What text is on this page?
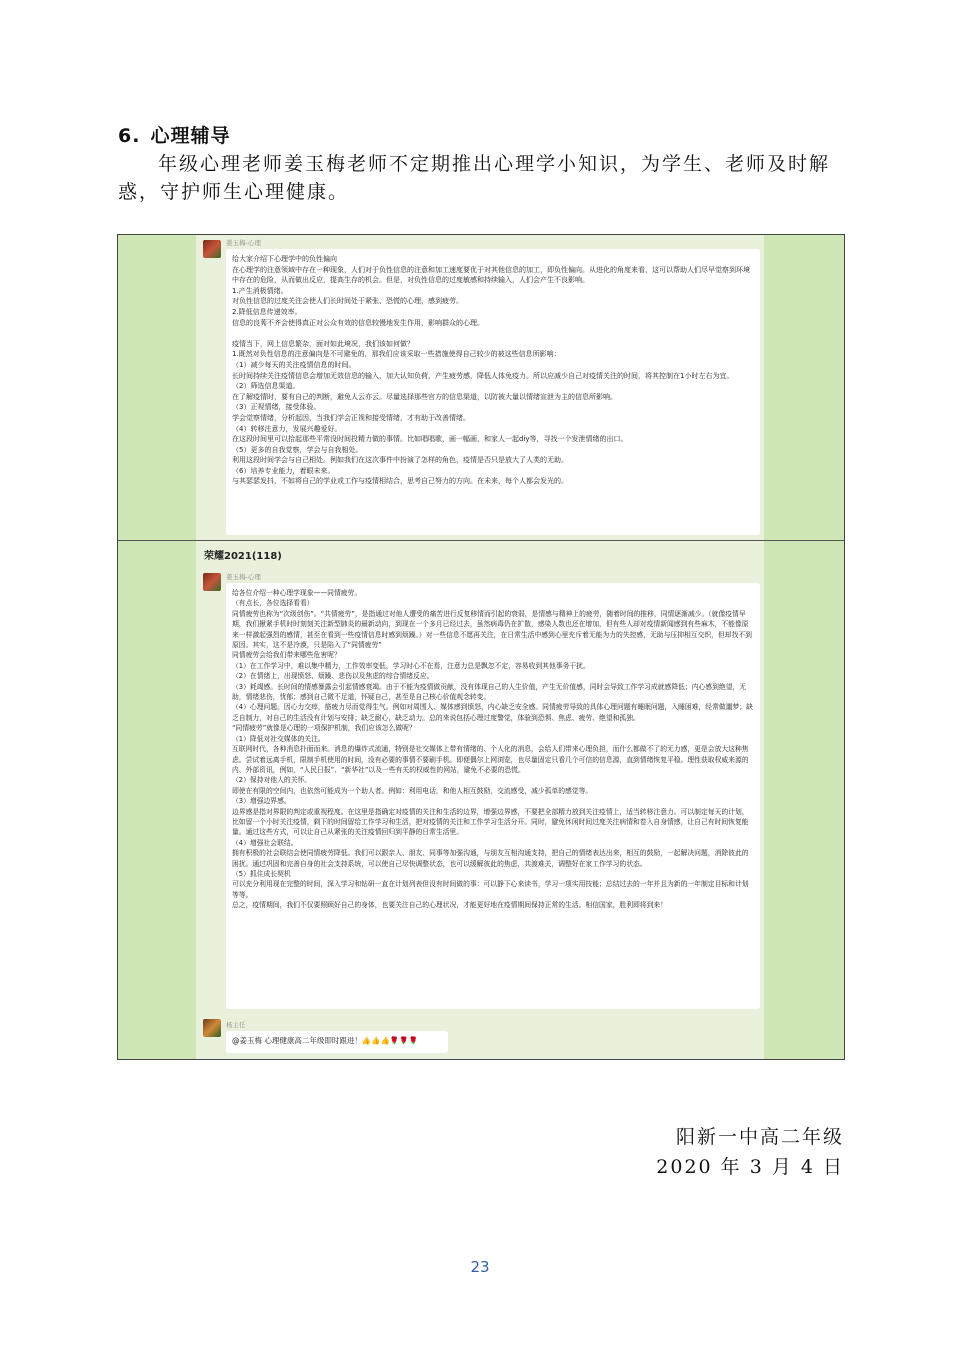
6. 心理辅导
年级心理老师姜玉梅老师不定期推出心理学小知识，为学生、老师及时解惑，守护师生心理健康。
姜玉梅-心理

给大家介绍下心理学中的负性偏向

在心理学的注意领域中存在一种现象，人们对于负性信息的注意和加工速度要优于对其他信息的加工，即负性偏向。从进化的角度来看，这可以帮助人们尽早觉察到环境中存在的危险，从而做出反应，提高生存的机会。但是，对负性信息的过度敏感和持续输入，人们会产生不良影响。

1.产生消极情绪。

对负性信息的过度关注会使人们长时间处于紧张、恐慌的心理，感到疲劳。

2.降低信息传递效率。

信息的良莠不齐会使得真正对公众有效的信息较慢地发生作用，影响群众的心理。

疫情当下，网上信息繁杂，面对如此境况，我们该如何做？

1.既然对负性信息的注意偏向是不可避免的，那我们应该采取一些措施使得自己较少的被这些信息所影响：

（1）减少每天的关注疫情信息的时间。

长时间持续关注疫情信息会增加无效信息的输入，加大认知负荷，产生疲劳感，降低人体免疫力。所以应减少自己对疫情关注的时间，将其控制在1小时左右为宜。

（2）筛选信息渠道。

在了解疫情时，要有自己的判断，避免人云亦云。尽量选择那些官方的信息渠道，以防被大量以情绪宣泄为主的信息所影响。

（3）正视情绪，接受体验。

学会觉察情绪，分析起因，当我们学会正视和接受情绪，才有助于改善情绪。

（4）转移注意力，发展兴趣爱好。

在这段时间里可以拾起那些平常没时间投精力做的事情。比如唱唱歌，画一幅画，和家人一起diy等，寻找一个发泄情绪的出口。

（5）更多的自我觉察，学会与自我相处。

利用这段时间学会与自己相处。例如我们在这次事件中扮演了怎样的角色，疫情是否只是放大了人类的无助。

（6）培养专业能力，着眼未来。

与其瑟瑟发抖，不如将自己的学业或工作与疫情相结合，思考自己努力的方向。在未来，每个人都会发光的。

荣耀2021(118)
姜玉梅-心理

给各位介绍一种心理学现象——同情疲劳。

（有点长，各位选择看看）

同情疲劳也称为“次级创伤”。“共情疲劳”，是指通过对他人遭受的痛苦进行反复移情而引起的衰弱，是情感与精神上的疲劳，随着时间的推移，同情逐渐减少。（就像疫情早期，我们揪紧手机时时刻刻关注新型肺炎的最新动向，到现在一个多月已经过去，虽然病毒仍在扩散，感染人数也还在增加，但有些人却对疫情新闻感到有些麻木，不能像原来一样激起强烈的感情，甚至在看到一些疫情信息时感到烦躁。）对一些信息不愿再关注，在日常生活中感到心里充斥着无能为力的失控感，无助与压抑相互交织，但却找不到原因。其实，这不是冷漠，只是陷入了“同情疲劳”

同情疲劳会给我们带来哪些危害呢？

（1）在工作学习中，难以集中精力，工作效率变低，学习时心不在焉，注意力总是飘忽不定，容易收到其他事务干扰。

（2）在情绪上，出现愤怒、烦躁、悲伤以及焦虑的综合情绪反应。

（3）耗竭感。长时间的情感暴露会引起情感衰竭。由于不能为疫情做贡献，没有体现自己的人生价值，产生无价值感，同时会导致工作学习成就感降低；内心感到绝望，无助，情绪悲伤，忧郁；感到自己微不足道，怀疑自己，甚至是自己核心价值观念转变。

（4）心理问题。因心力交瘁，筋疲力尽而觉得生气。例如对周围人、媒体感到愤怒，内心缺乏安全感。同情疲劳导致的具体心理问题有睡眠问题，入睡困难，经常做噩梦；缺乏自制力，对自己的生活没有计划与安排；缺乏耐心，缺乏动力。总的来说包括心理过度警觉，体验到恐惧、焦虑、疲劳、绝望和孤独。

“同情疲劳”就像是心理的一项保护机制，我们应该怎么做呢？

（1）降低对社交媒体的关注。

互联网时代，各种消息扑面而来。消息的爆炸式流通，特别是社交媒体上带有情绪的、个人化的消息，会给人们带来心理负担，而什么都做不了的无力感，更是会放大这种焦虑。尝试着远离手机，限制手机使用的时间，没有必要的事情不要刷手机。即便偶尔上网浏览，也尽量固定只看几个可信的信息源，直到情绪恢复平稳。理性获取权威来源的内、外部资讯，例如，“人民日报”、“新华社”以及一些有关的权威性的网站，避免不必要的恐慌。

（2）保持对他人的关怀。

即使在有限的空间内，也依然可能成为一个助人者。例如：利用电话，和他人相互鼓励，交流感受，减少孤单的感觉等。

（3）增强边界感。

边界感是指对界限的判定或重视程度。在这里是指确定对疫情的关注和生活的边界，增强边界感，不要把全部精力放到关注疫情上，适当转移注意力。可以制定每天的计划，比如留一个小时关注疫情，剩下的时间留给工作学习和生活，把对疫情的关注和工作学习生活分开。同时，避免休闲时间过度关注病情和卷入自身情感，让自己有时间恢复能量。通过这些方式，可以让自己从紧张的关注疫情回归到平静的日常生活里。

（4）增强社会联结。

拥有积极的社会联结会使同情疲劳降低。我们可以跟亲人、朋友、同事等加强沟通，与朋友互相沟通支持，把自己的情绪表达出来，相互的鼓励，一起解决问题，消除彼此的困扰。通过巩固和完善自身的社会支持系统，可以使自己尽快调整状态，也可以缓解彼此的焦虑，共渡难关，调整好在家工作学习的状态。

（5）抓住成长契机

可以充分利用现在完整的时间，深入学习和钻研一直在计划列表但没有时间做的事：可以静下心来读书，学习一项实用技能；总结过去的一年并且为新的一年制定目标和计划等等。

总之，疫情期间，我们不仅要照顾好自己的身体，也要关注自己的心理状况，才能更好地在疫情期间保持正常的生活。相信国家，胜利即将到来！

杨主任

@姜玉梅 心理健康高二年级即时跟进！👍👍👍🌹🌹🌹

阳新一中高二年级
2020 年 3 月 4 日
23
